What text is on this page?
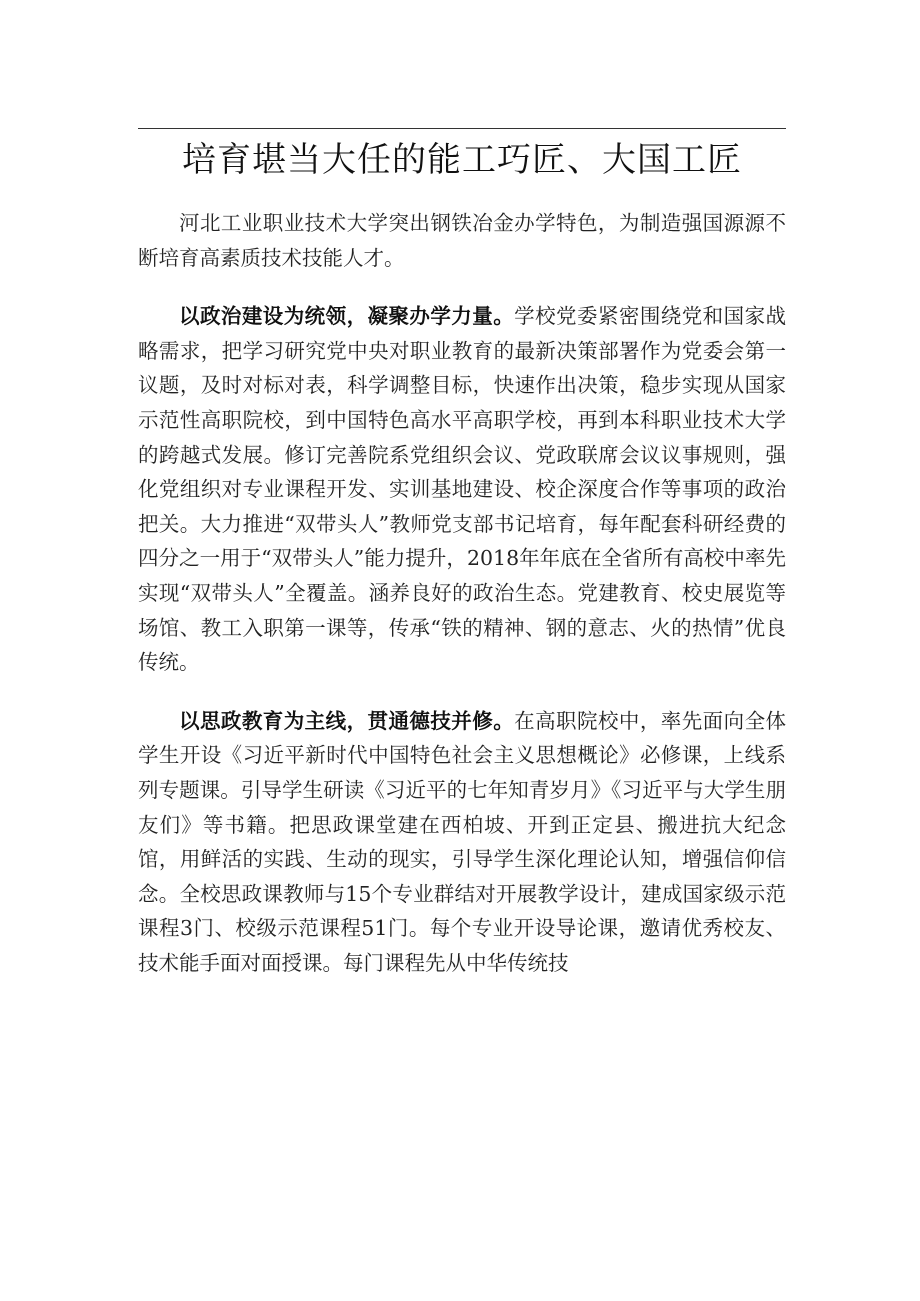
培育堪当大任的能工巧匠、大国工匠

河北工业职业技术大学突出钢铁冶金办学特色，为制造强国源源不断培育高素质技术技能人才。

以政治建设为统领，凝聚办学力量。学校党委紧密围绕党和国家战略需求，把学习研究党中央对职业教育的最新决策部署作为党委会第一议题，及时对标对表，科学调整目标，快速作出决策，稳步实现从国家示范性高职院校，到中国特色高水平高职学校，再到本科职业技术大学的跨越式发展。修订完善院系党组织会议、党政联席会议议事规则，强化党组织对专业课程开发、实训基地建设、校企深度合作等事项的政治把关。大力推进“双带头人”教师党支部书记培育，每年配套科研经费的四分之一用于“双带头人”能力提升，2018年年底在全省所有高校中率先实现“双带头人”全覆盖。涵养良好的政治生态。党建教育、校史展览等场馆、教工入职第一课等，传承“铁的精神、钢的意志、火的热情”优良传统。

以思政教育为主线，贯通德技并修。在高职院校中，率先面向全体学生开设《习近平新时代中国特色社会主义思想概论》必修课，上线系列专题课。引导学生研读《习近平的七年知青岁月》《习近平与大学生朋友们》等书籍。把思政课堂建在西柏坡、开到正定县、搬进抗大纪念馆，用鲜活的实践、生动的现实，引导学生深化理论认知，增强信仰信念。全校思政课教师与15个专业群结对开展教学设计，建成国家级示范课程3门、校级示范课程51门。每个专业开设导论课，邀请优秀校友、技术能手面对面授课。每门课程先从中华传统技
